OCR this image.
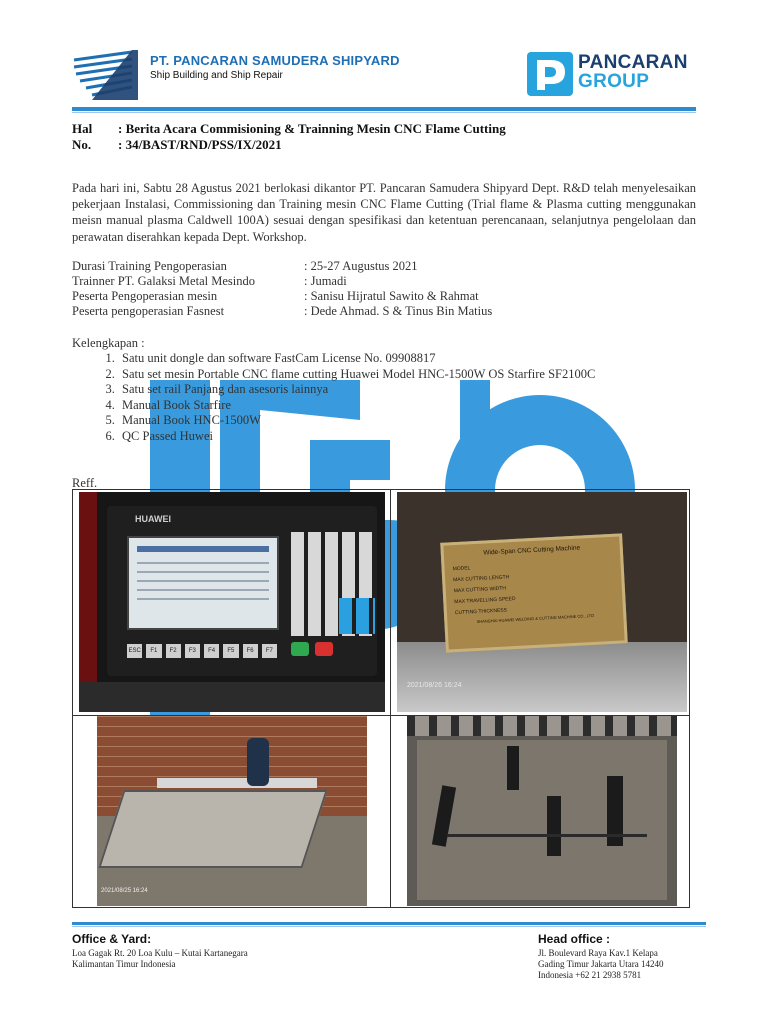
PT. PANCARAN SAMUDERA SHIPYARD
Ship Building and Ship Repair
PANCARAN
GROUP
Hal : Berita Acara Commisioning & Trainning Mesin CNC Flame Cutting
No. : 34/BAST/RND/PSS/IX/2021
Pada hari ini, Sabtu 28 Agustus 2021 berlokasi dikantor PT. Pancaran Samudera Shipyard Dept. R&D telah menyelesaikan pekerjaan Instalasi, Commissioning dan Training mesin CNC Flame Cutting (Trial flame & Plasma cutting menggunakan meisn manual plasma Caldwell 100A) sesuai dengan spesifikasi dan ketentuan perencanaan, selanjutnya pengelolaan dan perawatan diserahkan kepada Dept. Workshop.
Durasi Training Pengoperasian	: 25-27 Augustus 2021
Trainner PT. Galaksi Metal Mesindo	: Jumadi
Peserta Pengoperasian mesin	: Sanisu Hijratul Sawito & Rahmat
Peserta pengoperasian Fasnest	: Dede Ahmad. S & Tinus Bin Matius
Kelengkapan :
1. Satu unit dongle dan software FastCam License No. 09908817
2. Satu set mesin Portable CNC flame cutting Huawei Model HNC-1500W OS Starfire SF2100C
3. Satu set rail Panjang dan asesoris lainnya
4. Manual Book Starfire
5. Manual Book HNC-1500W
6. QC Passed Huwei
Reff.
HUAWEI
ESC	F1	F2	F3	F4	F5	F6	F7
Wide-Span CNC Cutting Machine
MODEL
MAX CUTTING LENGTH
MAX CUTTING WIDTH
MAX TRAVELLING SPEED
CUTTING THICKNESS
SHANGHAI HUAWEI WELDING & CUTTING MACHINE CO., LTD
2021/08/26 16:24
2021/08/25 16:24
Office & Yard:
Loa Gagak Rt. 20 Loa Kulu – Kutai Kartanegara
Kalimantan Timur Indonesia
Head office :
Jl. Boulevard Raya Kav.1 Kelapa
Gading Timur Jakarta Utara 14240
Indonesia +62 21 2938 5781
